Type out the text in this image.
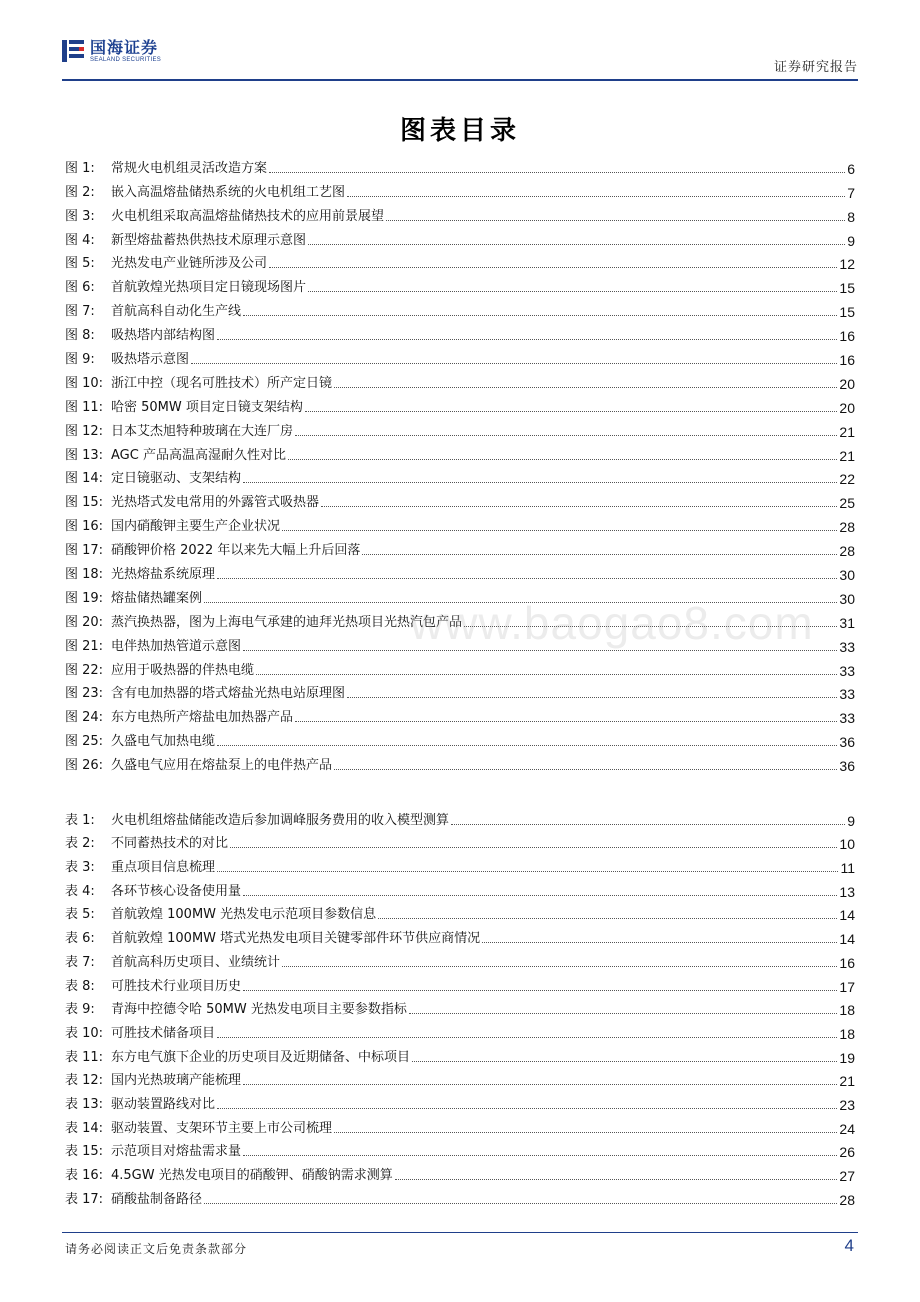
国海证券
SEALAND SECURITIES
证券研究报告
图表目录
图 1: 常规火电机组灵活改造方案	6
图 2: 嵌入高温熔盐储热系统的火电机组工艺图	7
图 3: 火电机组采取高温熔盐储热技术的应用前景展望	8
图 4: 新型熔盐蓄热供热技术原理示意图	9
图 5: 光热发电产业链所涉及公司	12
图 6: 首航敦煌光热项目定日镜现场图片	15
图 7: 首航高科自动化生产线	15
图 8: 吸热塔内部结构图	16
图 9: 吸热塔示意图	16
图 10: 浙江中控（现名可胜技术）所产定日镜	20
图 11: 哈密 50MW 项目定日镜支架结构	20
图 12: 日本艾杰旭特种玻璃在大连厂房	21
图 13: AGC 产品高温高湿耐久性对比	21
图 14: 定日镜驱动、支架结构	22
图 15: 光热塔式发电常用的外露管式吸热器	25
图 16: 国内硝酸钾主要生产企业状况	28
图 17: 硝酸钾价格 2022 年以来先大幅上升后回落	28
图 18: 光热熔盐系统原理	30
图 19: 熔盐储热罐案例	30
图 20: 蒸汽换热器，图为上海电气承建的迪拜光热项目光热汽包产品	31
图 21: 电伴热加热管道示意图	33
图 22: 应用于吸热器的伴热电缆	33
图 23: 含有电加热器的塔式熔盐光热电站原理图	33
图 24: 东方电热所产熔盐电加热器产品	33
图 25: 久盛电气加热电缆	36
图 26: 久盛电气应用在熔盐泵上的电伴热产品	36
表 1: 火电机组熔盐储能改造后参加调峰服务费用的收入模型测算	9
表 2: 不同蓄热技术的对比	10
表 3: 重点项目信息梳理	11
表 4: 各环节核心设备使用量	13
表 5: 首航敦煌 100MW 光热发电示范项目参数信息	14
表 6: 首航敦煌 100MW 塔式光热发电项目关键零部件环节供应商情况	14
表 7: 首航高科历史项目、业绩统计	16
表 8: 可胜技术行业项目历史	17
表 9: 青海中控德令哈 50MW 光热发电项目主要参数指标	18
表 10: 可胜技术储备项目	18
表 11: 东方电气旗下企业的历史项目及近期储备、中标项目	19
表 12: 国内光热玻璃产能梳理	21
表 13: 驱动装置路线对比	23
表 14: 驱动装置、支架环节主要上市公司梳理	24
表 15: 示范项目对熔盐需求量	26
表 16: 4.5GW 光热发电项目的硝酸钾、硝酸钠需求测算	27
表 17: 硝酸盐制备路径	28
www.baogao8.com
请务必阅读正文后免责条款部分	4
